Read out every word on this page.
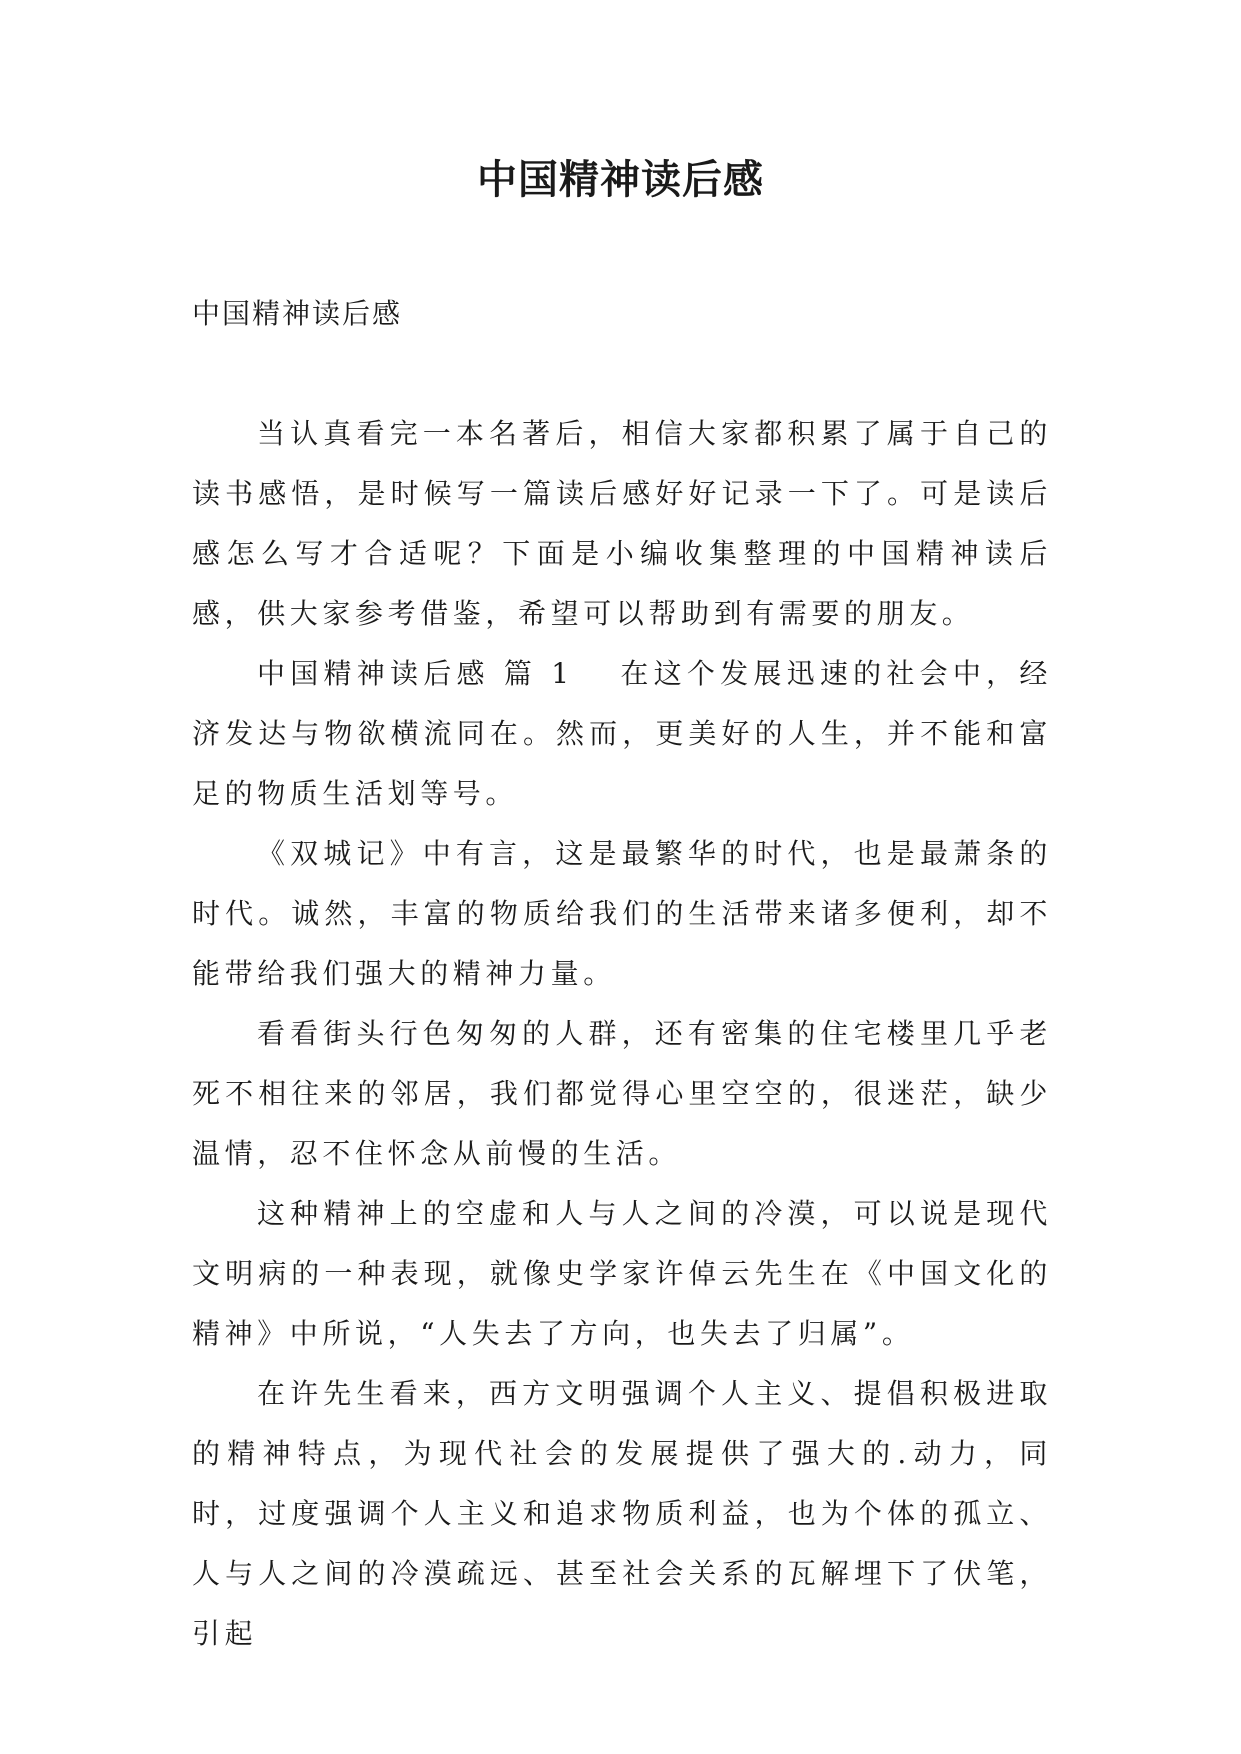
中国精神读后感

中国精神读后感

当认真看完一本名著后，相信大家都积累了属于自己的读书感悟，是时候写一篇读后感好好记录一下了。可是读后感怎么写才合适呢？下面是小编收集整理的中国精神读后感，供大家参考借鉴，希望可以帮助到有需要的朋友。

中国精神读后感 篇 1 在这个发展迅速的社会中，经济发达与物欲横流同在。然而，更美好的人生，并不能和富足的物质生活划等号。

《双城记》中有言，这是最繁华的时代，也是最萧条的时代。诚然，丰富的物质给我们的生活带来诸多便利，却不能带给我们强大的精神力量。

看看街头行色匆匆的人群，还有密集的住宅楼里几乎老死不相往来的邻居，我们都觉得心里空空的，很迷茫，缺少温情，忍不住怀念从前慢的生活。

这种精神上的空虚和人与人之间的冷漠，可以说是现代文明病的一种表现，就像史学家许倬云先生在《中国文化的精神》中所说，“人失去了方向，也失去了归属”。

在许先生看来，西方文明强调个人主义、提倡积极进取的精神特点，为现代社会的发展提供了强大的.动力，同时，过度强调个人主义和追求物质利益，也为个体的孤立、人与人之间的冷漠疏远、甚至社会关系的瓦解埋下了伏笔，引起
